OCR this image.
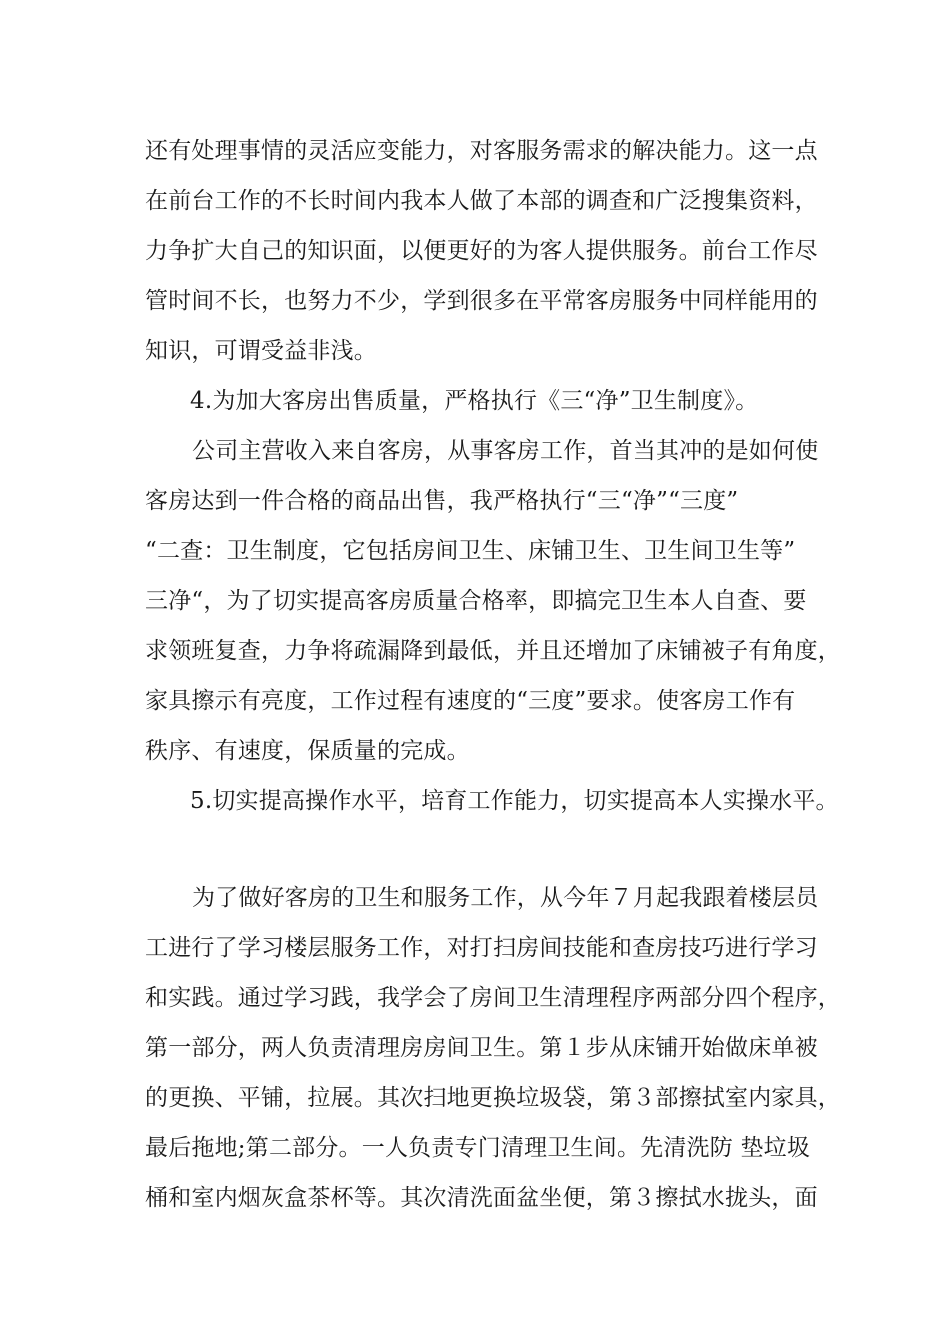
还有处理事情的灵活应变能力，对客服务需求的解决能力。这一点
在前台工作的不长时间内我本人做了本部的调查和广泛搜集资料，
力争扩大自己的知识面，以便更好的为客人提供服务。前台工作尽
管时间不长，也努力不少，学到很多在平常客房服务中同样能用的
知识，可谓受益非浅。
4.为加大客房出售质量，严格执行《三“净”卫生制度》。
公司主营收入来自客房，从事客房工作，首当其冲的是如何使
客房达到一件合格的商品出售，我严格执行“三“净”“三度”
“二查：卫生制度，它包括房间卫生、床铺卫生、卫生间卫生等”
三净“，为了切实提高客房质量合格率，即搞完卫生本人自查、要
求领班复查，力争将疏漏降到最低，并且还增加了床铺被子有角度，
家具擦示有亮度，工作过程有速度的“三度”要求。使客房工作有
秩序、有速度，保质量的完成。
5.切实提高操作水平，培育工作能力，切实提高本人实操水平。
为了做好客房的卫生和服务工作，从今年７月起我跟着楼层员
工进行了学习楼层服务工作，对打扫房间技能和查房技巧进行学习
和实践。通过学习践，我学会了房间卫生清理程序两部分四个程序，
第一部分，两人负责清理房房间卫生。第１步从床铺开始做床单被
的更换、平铺，拉展。其次扫地更换垃圾袋，第３部擦拭室内家具，
最后拖地;第二部分。一人负责专门清理卫生间。先清洗防 垫垃圾
桶和室内烟灰盒茶杯等。其次清洗面盆坐便，第３擦拭水拢头，面
